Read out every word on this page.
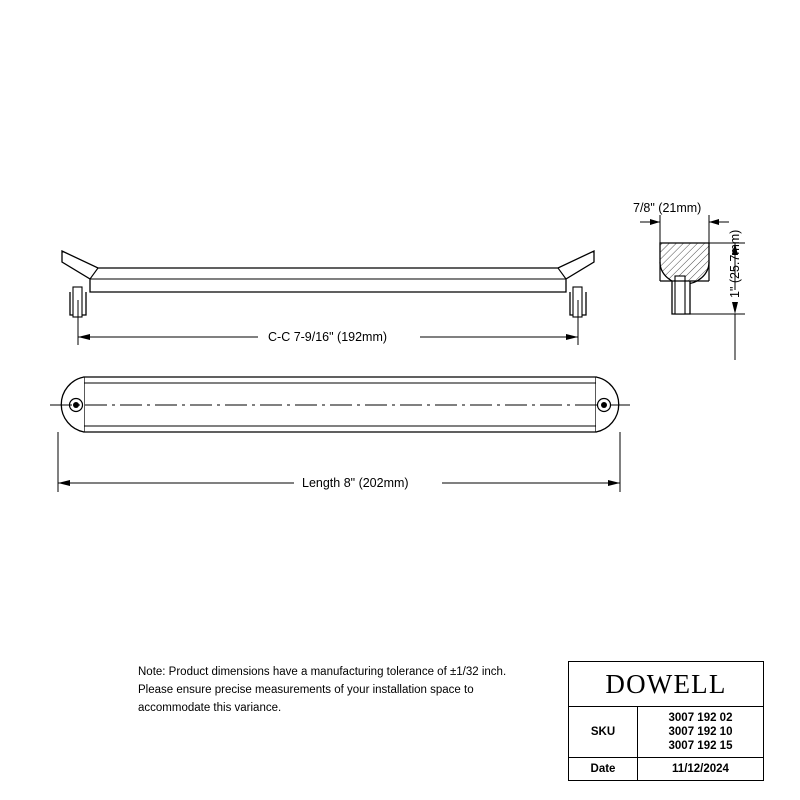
C-C 7-9/16" (192mm)
Length 8" (202mm)
7/8" (21mm)
1" (25.7mm)
Note: Product dimensions have a manufacturing tolerance of ±1/32 inch.
Please ensure precise measurements of your installation space to
accommodate this variance.
DOWELL
SKU
3007 192 02
3007 192 10
3007 192 15
Date	11/12/2024
